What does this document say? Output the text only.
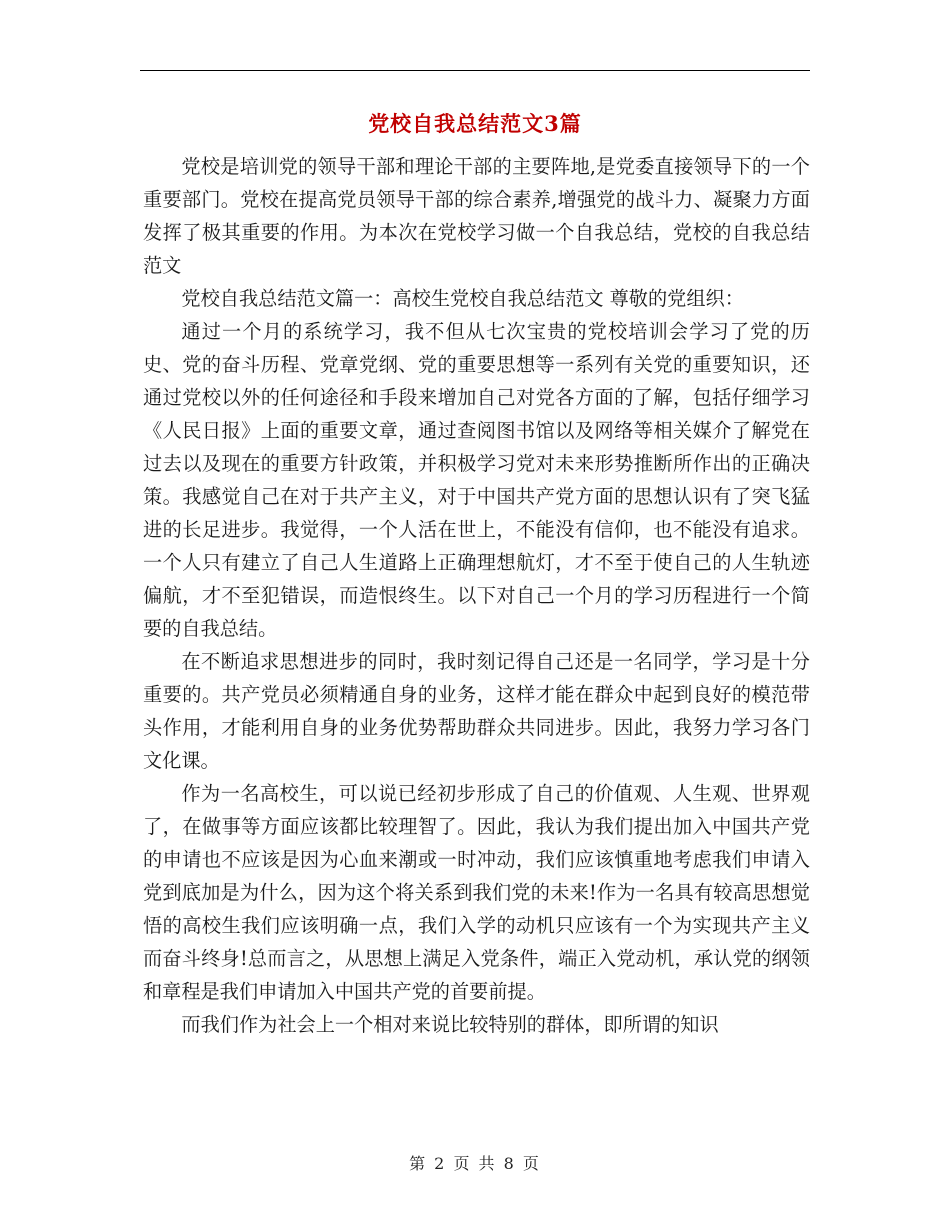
党校自我总结范文3篇

党校是培训党的领导干部和理论干部的主要阵地,是党委直接领导下的一个重要部门。党校在提高党员领导干部的综合素养,增强党的战斗力、凝聚力方面发挥了极其重要的作用。为本次在党校学习做一个自我总结，党校的自我总结范文

党校自我总结范文篇一：高校生党校自我总结范文 尊敬的党组织：

通过一个月的系统学习，我不但从七次宝贵的党校培训会学习了党的历史、党的奋斗历程、党章党纲、党的重要思想等一系列有关党的重要知识，还通过党校以外的任何途径和手段来增加自己对党各方面的了解，包括仔细学习《人民日报》上面的重要文章，通过查阅图书馆以及网络等相关媒介了解党在过去以及现在的重要方针政策，并积极学习党对未来形势推断所作出的正确决策。我感觉自己在对于共产主义，对于中国共产党方面的思想认识有了突飞猛进的长足进步。我觉得，一个人活在世上，不能没有信仰，也不能没有追求。一个人只有建立了自己人生道路上正确理想航灯，才不至于使自己的人生轨迹偏航，才不至犯错误，而造恨终生。以下对自己一个月的学习历程进行一个简要的自我总结。

在不断追求思想进步的同时，我时刻记得自己还是一名同学，学习是十分重要的。共产党员必须精通自身的业务，这样才能在群众中起到良好的模范带头作用，才能利用自身的业务优势帮助群众共同进步。因此，我努力学习各门文化课。

作为一名高校生，可以说已经初步形成了自己的价值观、人生观、世界观了，在做事等方面应该都比较理智了。因此，我认为我们提出加入中国共产党的申请也不应该是因为心血来潮或一时冲动，我们应该慎重地考虑我们申请入党到底加是为什么，因为这个将关系到我们党的未来!作为一名具有较高思想觉悟的高校生我们应该明确一点，我们入学的动机只应该有一个为实现共产主义而奋斗终身!总而言之，从思想上满足入党条件，端正入党动机，承认党的纲领和章程是我们申请加入中国共产党的首要前提。

而我们作为社会上一个相对来说比较特别的群体，即所谓的知识

第 2 页 共 8 页
